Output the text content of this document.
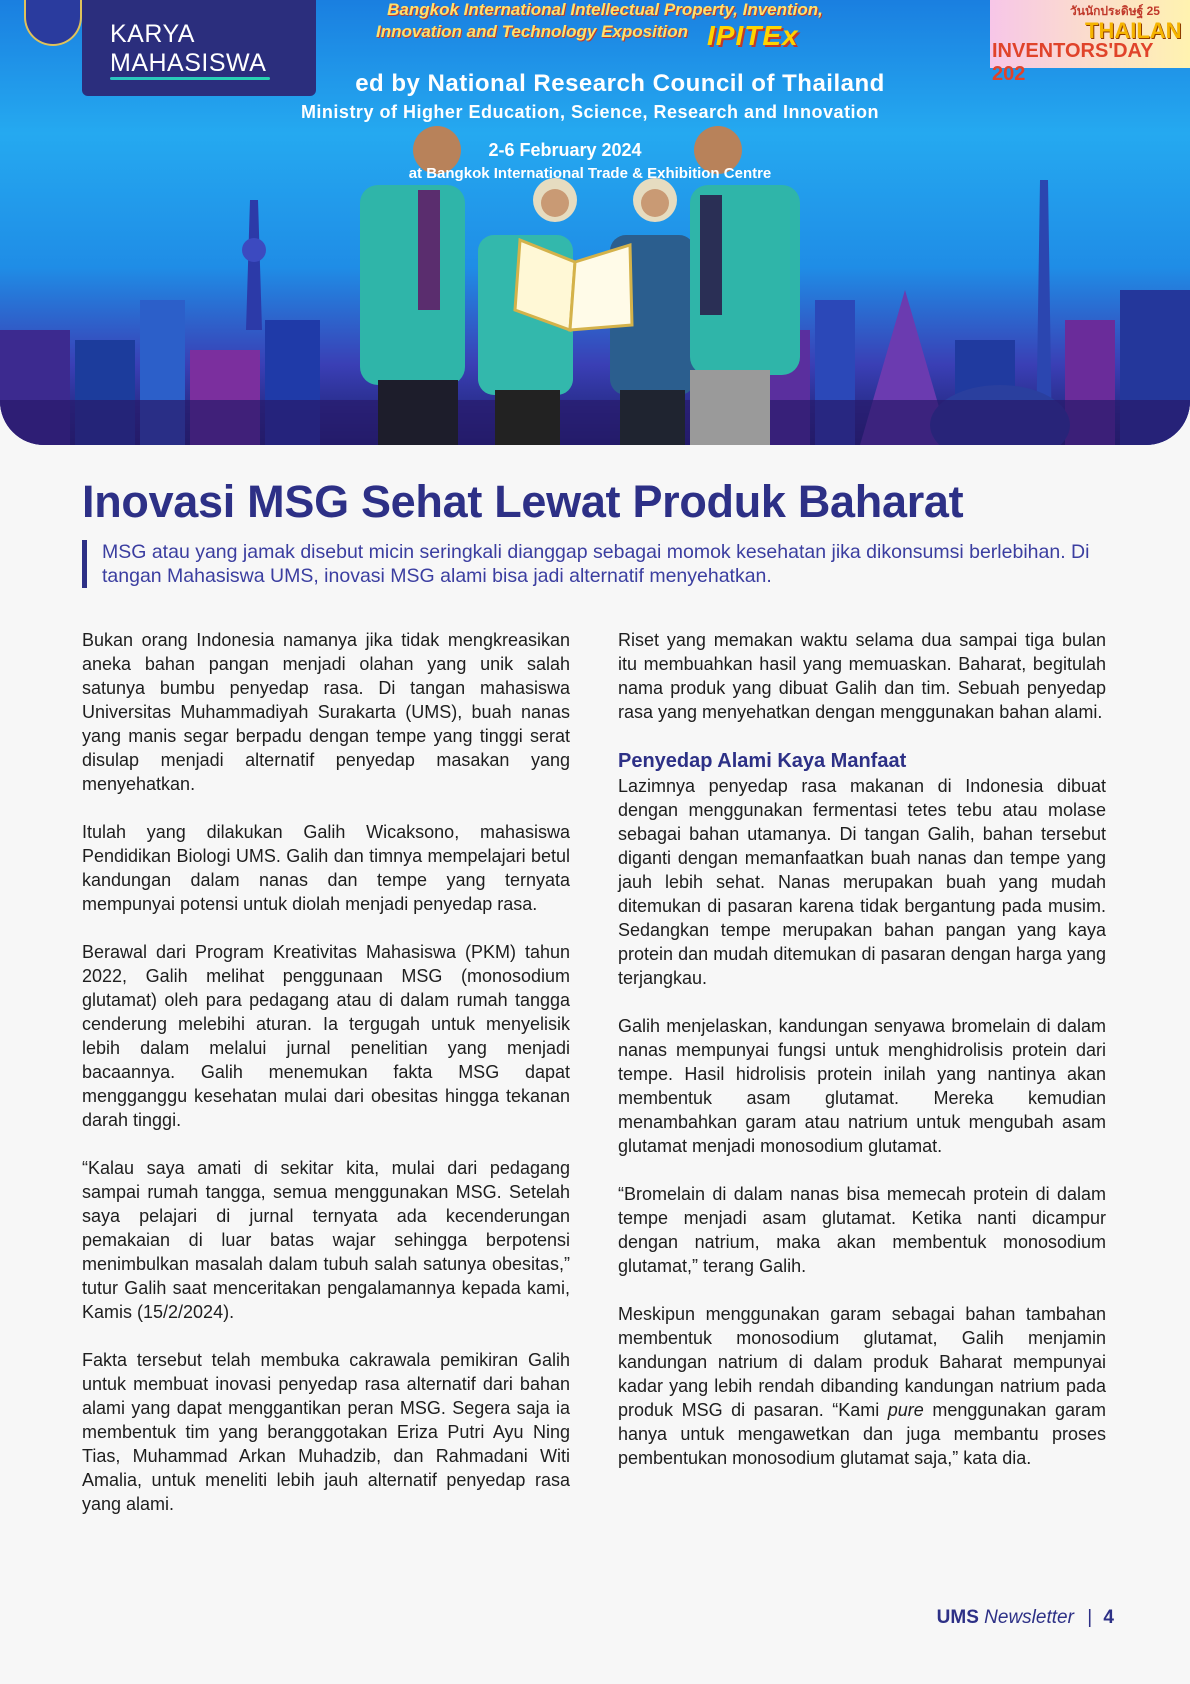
Bangkok International Intellectual Property, Invention,
Innovation and Technology Exposition IPITEx
ed by National Research Council of Thailand
Ministry of Higher Education, Science, Research and Innovation
2-6 February 2024
at Bangkok International Trade & Exhibition Centre
วันนักประดิษฐ์ 25
THAILAN
INVENTORS'DAY 202
KARYA
MAHASISWA
Inovasi MSG Sehat Lewat Produk Baharat
MSG atau yang jamak disebut micin seringkali dianggap sebagai momok kesehatan jika dikonsumsi berlebihan. Di tangan Mahasiswa UMS, inovasi MSG alami bisa jadi alternatif menyehatkan.

Bukan orang Indonesia namanya jika tidak mengkreasikan aneka bahan pangan menjadi olahan yang unik salah satunya bumbu penyedap rasa. Di tangan mahasiswa Universitas Muhammadiyah Surakarta (UMS), buah nanas yang manis segar berpadu dengan tempe yang tinggi serat disulap menjadi alternatif penyedap masakan yang menyehatkan.

Itulah yang dilakukan Galih Wicaksono, mahasiswa Pendidikan Biologi UMS. Galih dan timnya mempelajari betul kandungan dalam nanas dan tempe yang ternyata mempunyai potensi untuk diolah menjadi penyedap rasa.

Berawal dari Program Kreativitas Mahasiswa (PKM) tahun 2022, Galih melihat penggunaan MSG (monosodium glutamat) oleh para pedagang atau di dalam rumah tangga cenderung melebihi aturan. Ia tergugah untuk menyelisik lebih dalam melalui jurnal penelitian yang menjadi bacaannya. Galih menemukan fakta MSG dapat mengganggu kesehatan mulai dari obesitas hingga tekanan darah tinggi.

“Kalau saya amati di sekitar kita, mulai dari pedagang sampai rumah tangga, semua menggunakan MSG. Setelah saya pelajari di jurnal ternyata ada kecenderungan pemakaian di luar batas wajar sehingga berpotensi menimbulkan masalah dalam tubuh salah satunya obesitas,” tutur Galih saat menceritakan pengalamannya kepada kami, Kamis (15/2/2024).

Fakta tersebut telah membuka cakrawala pemikiran Galih untuk membuat inovasi penyedap rasa alternatif dari bahan alami yang dapat menggantikan peran MSG. Segera saja ia membentuk tim yang beranggotakan Eriza Putri Ayu Ning Tias, Muhammad Arkan Muhadzib, dan Rahmadani Witi Amalia, untuk meneliti lebih jauh alternatif penyedap rasa yang alami.

Riset yang memakan waktu selama dua sampai tiga bulan itu membuahkan hasil yang memuaskan. Baharat, begitulah nama produk yang dibuat Galih dan tim. Sebuah penyedap rasa yang menyehatkan dengan menggunakan bahan alami.

Penyedap Alami Kaya Manfaat

Lazimnya penyedap rasa makanan di Indonesia dibuat dengan menggunakan fermentasi tetes tebu atau molase sebagai bahan utamanya. Di tangan Galih, bahan tersebut diganti dengan memanfaatkan buah nanas dan tempe yang jauh lebih sehat. Nanas merupakan buah yang mudah ditemukan di pasaran karena tidak bergantung pada musim. Sedangkan tempe merupakan bahan pangan yang kaya protein dan mudah ditemukan di pasaran dengan harga yang terjangkau.

Galih menjelaskan, kandungan senyawa bromelain di dalam nanas mempunyai fungsi untuk menghidrolisis protein dari tempe. Hasil hidrolisis protein inilah yang nantinya akan membentuk asam glutamat. Mereka kemudian menambahkan garam atau natrium untuk mengubah asam glutamat menjadi monosodium glutamat.

“Bromelain di dalam nanas bisa memecah protein di dalam tempe menjadi asam glutamat. Ketika nanti dicampur dengan natrium, maka akan membentuk monosodium glutamat,” terang Galih.

Meskipun menggunakan garam sebagai bahan tambahan membentuk monosodium glutamat, Galih menjamin kandungan natrium di dalam produk Baharat mempunyai kadar yang lebih rendah dibanding kandungan natrium pada produk MSG di pasaran. “Kami pure menggunakan garam hanya untuk mengawetkan dan juga membantu proses pembentukan monosodium glutamat saja,” kata dia.

UMS Newsletter | 4
